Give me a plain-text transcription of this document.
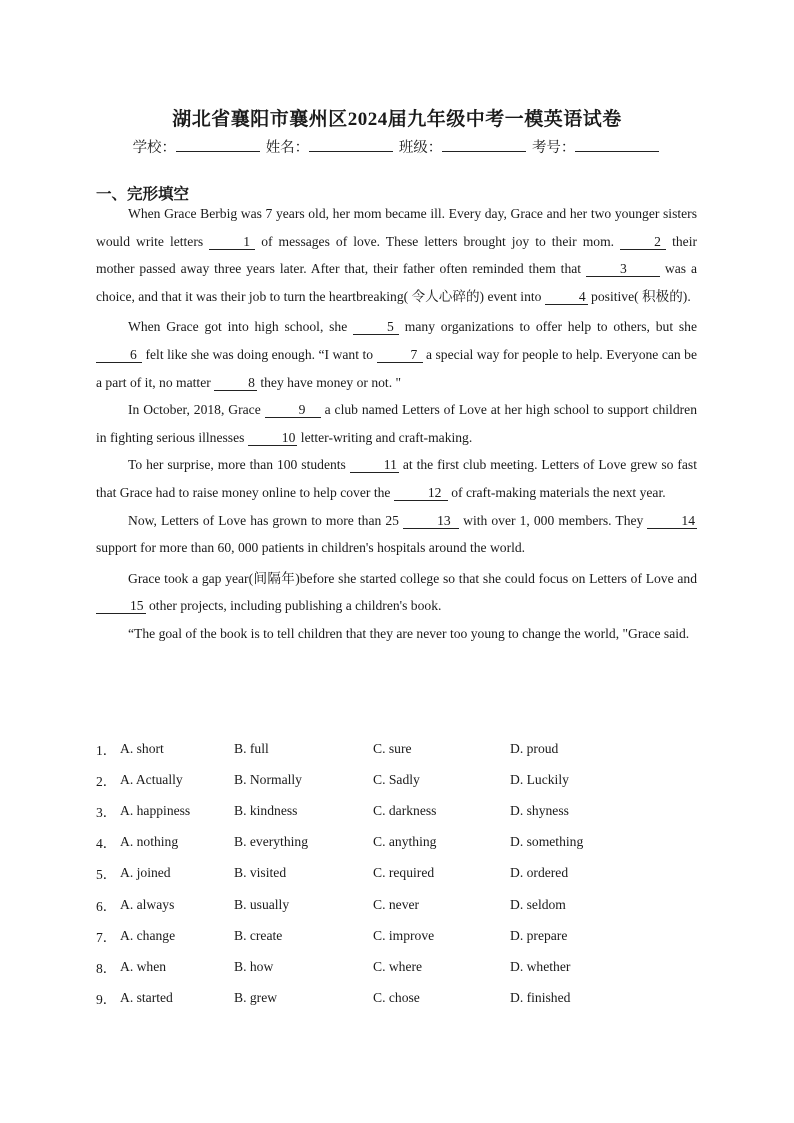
湖北省襄阳市襄州区2024届九年级中考一模英语试卷
学校：	姓名：	班级：	考号：
一、完形填空

When Grace Berbig was 7 years old, her mom became ill. Every day, Grace and her two younger sisters would write letters	1 of messages of love. These letters brought joy to their mom.	2 their mother passed away three years later. After that, their father often reminded them that	3 was a choice, and that it was their job to turn the heartbreaking( 令人心碎的) event into	4 positive( 积极的).

When Grace got into high school, she	5 many organizations to offer help to others, but she 6 felt like she was doing enough. “I want to	7 a special way for people to help. Everyone can be a part of it, no matter	8 they have money or not. "

In October, 2018, Grace	9 a club named Letters of Love at her high school to support children in fighting serious illnesses	10 letter-writing and craft-making.

To her surprise, more than 100 students	11 at the first club meeting. Letters of Love grew so fast that Grace had to raise money online to help cover the	12 of craft-making materials the next year.

Now, Letters of Love has grown to more than 25	13 with over 1, 000 members. They	14 support for more than 60, 000 patients in children's hospitals around the world.

Grace took a gap year(间隔年)before she started college so that she could focus on Letters of Love and 15 other projects, including publishing a children's book.

“The goal of the book is to tell children that they are never too young to change the world, "Grace said.

1． A. short	B. full	C. sure	D. proud
2． A. Actually	B. Normally	C. Sadly	D. Luckily
3． A. happiness	B. kindness	C. darkness	D. shyness
4． A. nothing	B. everything	C. anything	D. something
5． A. joined	B. visited	C. required	D. ordered
6． A. always	B. usually	C. never	D. seldom
7． A. change	B. create	C. improve	D. prepare
8． A. when	B. how	C. where	D. whether
9． A. started	B. grew	C. chose	D. finished
